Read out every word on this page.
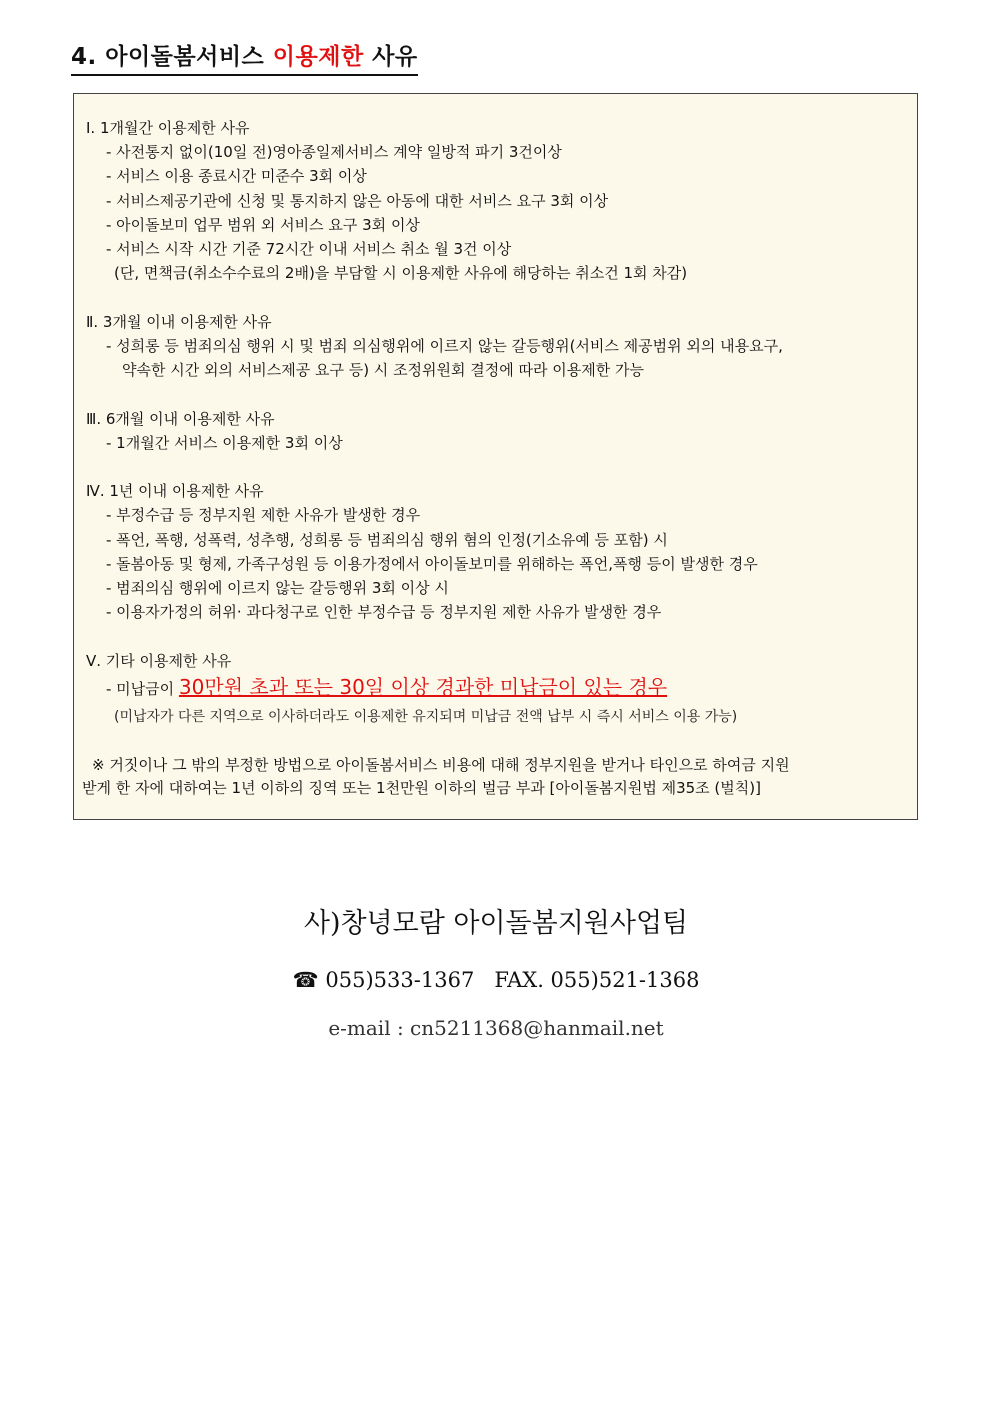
4. 아이돌봄서비스 이용제한 사유
Ⅰ. 1개월간 이용제한 사유
- 사전통지 없이(10일 전)영아종일제서비스 계약 일방적 파기 3건이상
- 서비스 이용 종료시간 미준수 3회 이상
- 서비스제공기관에 신청 및 통지하지 않은 아동에 대한 서비스 요구 3회 이상
- 아이돌보미 업무 범위 외 서비스 요구 3회 이상
- 서비스 시작 시간 기준 72시간 이내 서비스 취소 월 3건 이상
(단, 면책금(취소수수료의 2배)을 부담할 시 이용제한 사유에 해당하는 취소건 1회 차감)
Ⅱ. 3개월 이내 이용제한 사유
- 성희롱 등 범죄의심 행위 시 및 범죄 의심행위에 이르지 않는 갈등행위(서비스 제공범위 외의 내용요구,
약속한 시간 외의 서비스제공 요구 등) 시 조정위원회 결정에 따라 이용제한 가능
Ⅲ. 6개월 이내 이용제한 사유
- 1개월간 서비스 이용제한 3회 이상
Ⅳ. 1년 이내 이용제한 사유
- 부정수급 등 정부지원 제한 사유가 발생한 경우
- 폭언, 폭행, 성폭력, 성추행, 성희롱 등 범죄의심 행위 혐의 인정(기소유예 등 포함) 시
- 돌봄아동 및 형제, 가족구성원 등 이용가정에서 아이돌보미를 위해하는 폭언,폭행 등이 발생한 경우
- 범죄의심 행위에 이르지 않는 갈등행위 3회 이상 시
- 이용자가정의 허위· 과다청구로 인한 부정수급 등 정부지원 제한 사유가 발생한 경우
Ⅴ. 기타 이용제한 사유
- 미납금이 30만원 초과 또는 30일 이상 경과한 미납금이 있는 경우
(미납자가 다른 지역으로 이사하더라도 이용제한 유지되며 미납금 전액 납부 시 즉시 서비스 이용 가능)
※ 거짓이나 그 밖의 부정한 방법으로 아이돌봄서비스 비용에 대해 정부지원을 받거나 타인으로 하여금 지원
받게 한 자에 대하여는 1년 이하의 징역 또는 1천만원 이하의 벌금 부과 [아이돌봄지원법 제35조 (벌칙)]
사)창녕모람 아이돌봄지원사업팀
☎ 055)533-1367 FAX. 055)521-1368
e-mail : cn5211368@hanmail.net
